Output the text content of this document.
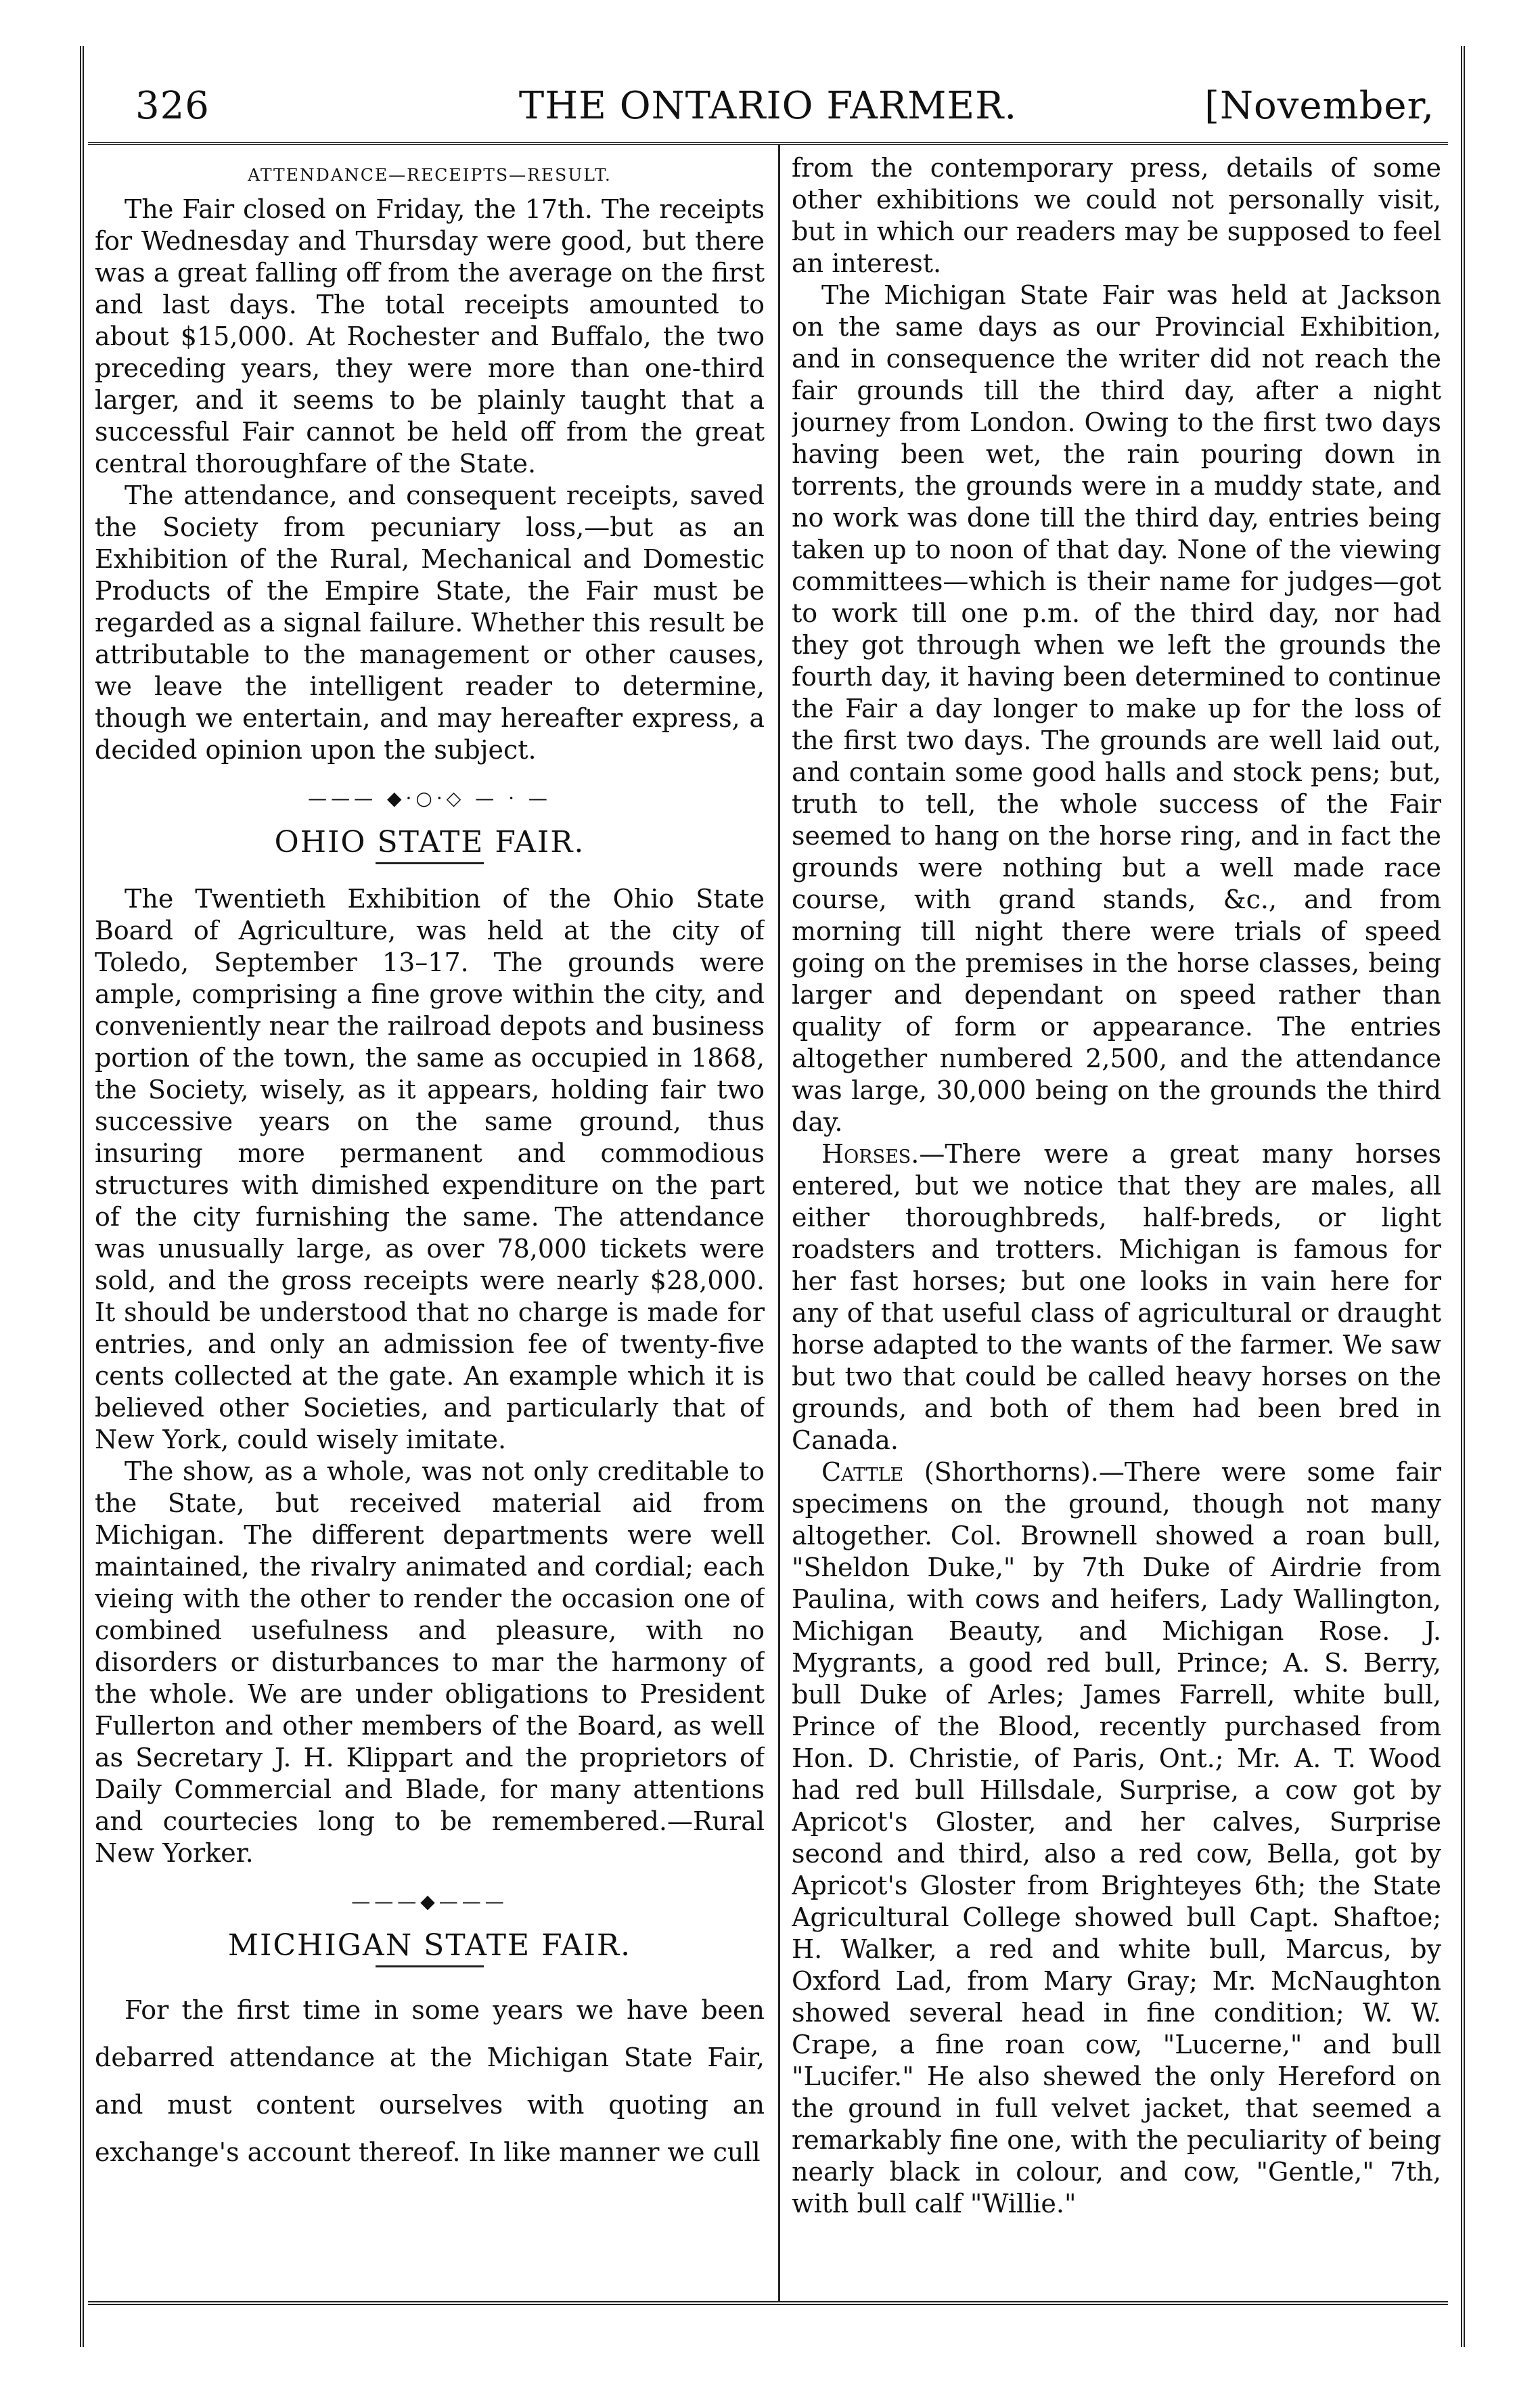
326	THE ONTARIO FARMER.	[November,

ATTENDANCE—RECEIPTS—RESULT.

The Fair closed on Friday, the 17th. The receipts for Wednesday and Thursday were good, but there was a great falling off from the average on the first and last days. The total receipts amounted to about $15,000. At Rochester and Buffalo, the two preceding years, they were more than one-third larger, and it seems to be plainly taught that a successful Fair cannot be held off from the great central thoroughfare of the State.

The attendance, and consequent receipts, saved the Society from pecuniary loss,—but as an Exhibition of the Rural, Mechanical and Domestic Products of the Empire State, the Fair must be regarded as a signal failure. Whether this result be attributable to the management or other causes, we leave the intelligent reader to determine, though we entertain, and may hereafter express, a decided opinion upon the subject.

——— ◆·○·◇ — · —

OHIO STATE FAIR.

The Twentieth Exhibition of the Ohio State Board of Agriculture, was held at the city of Toledo, September 13–17. The grounds were ample, comprising a fine grove within the city, and conveniently near the railroad depots and business portion of the town, the same as occupied in 1868, the Society, wisely, as it appears, holding fair two successive years on the same ground, thus insuring more permanent and commodious structures with dimished expenditure on the part of the city furnishing the same. The attendance was unusually large, as over 78,000 tickets were sold, and the gross receipts were nearly $28,000. It should be understood that no charge is made for entries, and only an admission fee of twenty-five cents collected at the gate. An example which it is believed other Societies, and particularly that of New York, could wisely imitate.

The show, as a whole, was not only creditable to the State, but received material aid from Michigan. The different departments were well maintained, the rivalry animated and cordial; each vieing with the other to render the occasion one of combined usefulness and pleasure, with no disorders or disturbances to mar the harmony of the whole. We are under obligations to President Fullerton and other members of the Board, as well as Secretary J. H. Klippart and the proprietors of Daily Commercial and Blade, for many attentions and courtecies long to be remembered.—Rural New Yorker.

———◆———

MICHIGAN STATE FAIR.

For the first time in some years we have been debarred attendance at the Michigan State Fair, and must content ourselves with quoting an exchange's account thereof. In like manner we cull

from the contemporary press, details of some other exhibitions we could not personally visit, but in which our readers may be supposed to feel an interest.

The Michigan State Fair was held at Jackson on the same days as our Provincial Exhibition, and in consequence the writer did not reach the fair grounds till the third day, after a night journey from London. Owing to the first two days having been wet, the rain pouring down in torrents, the grounds were in a muddy state, and no work was done till the third day, entries being taken up to noon of that day. None of the viewing committees—which is their name for judges—got to work till one p.m. of the third day, nor had they got through when we left the grounds the fourth day, it having been determined to continue the Fair a day longer to make up for the loss of the first two days. The grounds are well laid out, and contain some good halls and stock pens; but, truth to tell, the whole success of the Fair seemed to hang on the horse ring, and in fact the grounds were nothing but a well made race course, with grand stands, &c., and from morning till night there were trials of speed going on the premises in the horse classes, being larger and dependant on speed rather than quality of form or appearance. The entries altogether numbered 2,500, and the attendance was large, 30,000 being on the grounds the third day.

Horses.—There were a great many horses entered, but we notice that they are males, all either thoroughbreds, half-breds, or light roadsters and trotters. Michigan is famous for her fast horses; but one looks in vain here for any of that useful class of agricultural or draught horse adapted to the wants of the farmer. We saw but two that could be called heavy horses on the grounds, and both of them had been bred in Canada.

Cattle (Shorthorns).—There were some fair specimens on the ground, though not many altogether. Col. Brownell showed a roan bull, "Sheldon Duke," by 7th Duke of Airdrie from Paulina, with cows and heifers, Lady Wallington, Michigan Beauty, and Michigan Rose. J. Mygrants, a good red bull, Prince; A. S. Berry, bull Duke of Arles; James Farrell, white bull, Prince of the Blood, recently purchased from Hon. D. Christie, of Paris, Ont.; Mr. A. T. Wood had red bull Hillsdale, Surprise, a cow got by Apricot's Gloster, and her calves, Surprise second and third, also a red cow, Bella, got by Apricot's Gloster from Brighteyes 6th; the State Agricultural College showed bull Capt. Shaftoe; H. Walker, a red and white bull, Marcus, by Oxford Lad, from Mary Gray; Mr. McNaughton showed several head in fine condition; W. W. Crape, a fine roan cow, "Lucerne," and bull "Lucifer." He also shewed the only Hereford on the ground in full velvet jacket, that seemed a remarkably fine one, with the peculiarity of being nearly black in colour, and cow, "Gentle," 7th, with bull calf "Willie."
